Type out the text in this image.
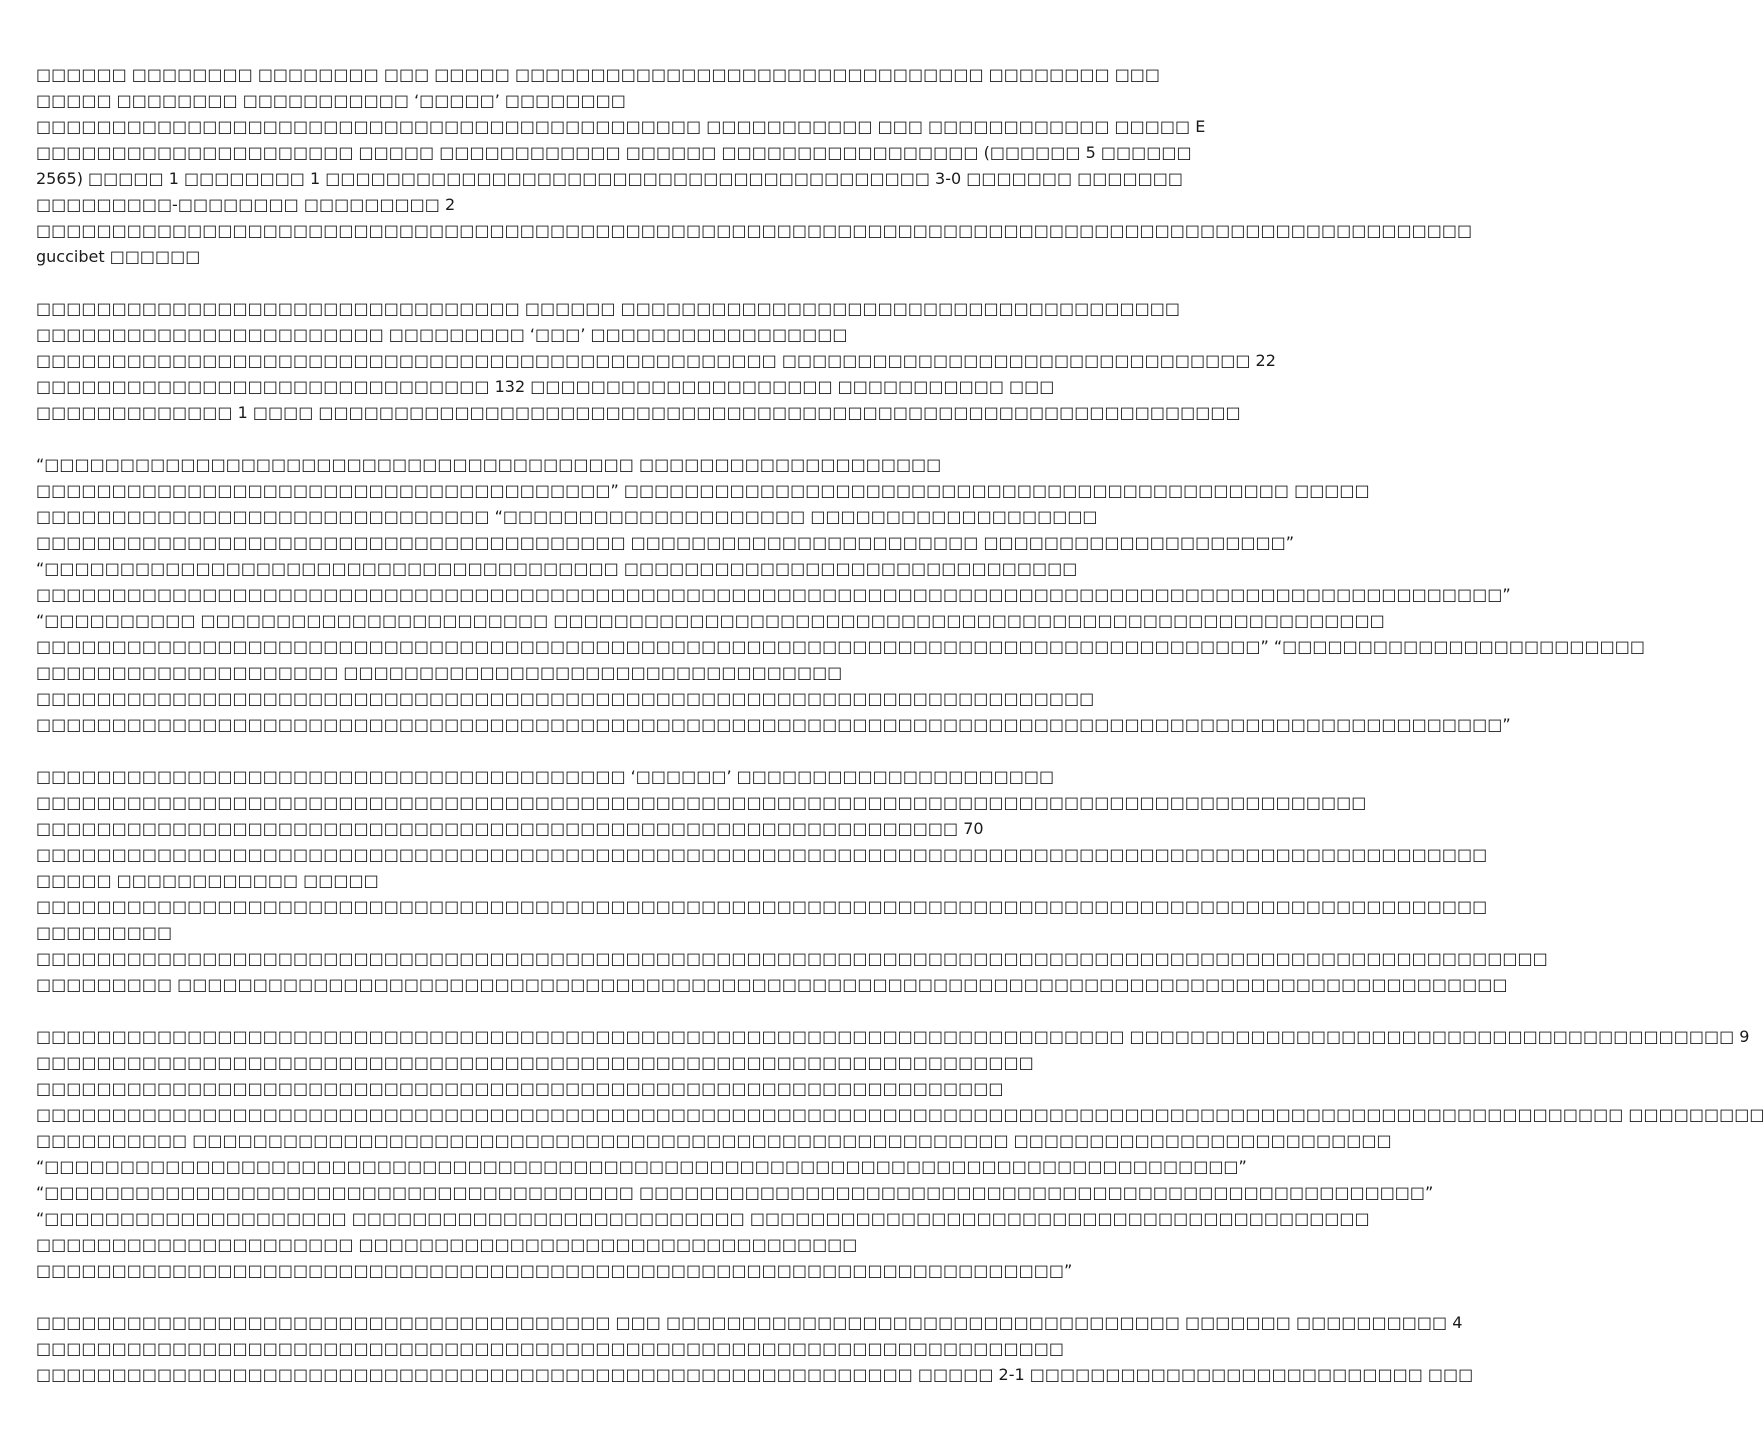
□□□□□□ □□□□□□□□ □□□□□□□□ □□□ □□□□□ □□□□□□□□□□□□□□□□□□□□□□□□□□□□□□□ □□□□□□□□ □□□
□□□□□ □□□□□□□□ □□□□□□□□□□□ ‘□□□□□’ □□□□□□□□
□□□□□□□□□□□□□□□□□□□□□□□□□□□□□□□□□□□□□□□□□□□□ □□□□□□□□□□□ □□□ □□□□□□□□□□□□ □□□□□ E
□□□□□□□□□□□□□□□□□□□□□ □□□□□ □□□□□□□□□□□□ □□□□□□ □□□□□□□□□□□□□□□□□ (□□□□□□ 5 □□□□□□
2565) □□□□□ 1 □□□□□□□□ 1 □□□□□□□□□□□□□□□□□□□□□□□□□□□□□□□□□□□□□□□□ 3-0 □□□□□□□ □□□□□□□
□□□□□□□□□-□□□□□□□□ □□□□□□□□□ 2
□□□□□□□□□□□□□□□□□□□□□□□□□□□□□□□□□□□□□□□□□□□□□□□□□□□□□□□□□□□□□□□□□□□□□□□□□□□□□□□□□□□□□□□□□□□□□□□
guccibet □□□□□□
□□□□□□□□□□□□□□□□□□□□□□□□□□□□□□□□ □□□□□□ □□□□□□□□□□□□□□□□□□□□□□□□□□□□□□□□□□□□□
□□□□□□□□□□□□□□□□□□□□□□□ □□□□□□□□□ ‘□□□’ □□□□□□□□□□□□□□□□□
□□□□□□□□□□□□□□□□□□□□□□□□□□□□□□□□□□□□□□□□□□□□□□□□□ □□□□□□□□□□□□□□□□□□□□□□□□□□□□□□□ 22
□□□□□□□□□□□□□□□□□□□□□□□□□□□□□□ 132 □□□□□□□□□□□□□□□□□□□□ □□□□□□□□□□□ □□□
□□□□□□□□□□□□□ 1 □□□□ □□□□□□□□□□□□□□□□□□□□□□□□□□□□□□□□□□□□□□□□□□□□□□□□□□□□□□□□□□□□□
“□□□□□□□□□□□□□□□□□□□□□□□□□□□□□□□□□□□□□□□ □□□□□□□□□□□□□□□□□□□□
□□□□□□□□□□□□□□□□□□□□□□□□□□□□□□□□□□□□□□” □□□□□□□□□□□□□□□□□□□□□□□□□□□□□□□□□□□□□□□□□□□□ □□□□□
□□□□□□□□□□□□□□□□□□□□□□□□□□□□□□ “□□□□□□□□□□□□□□□□□□□□ □□□□□□□□□□□□□□□□□□□
□□□□□□□□□□□□□□□□□□□□□□□□□□□□□□□□□□□□□□□ □□□□□□□□□□□□□□□□□□□□□□□ □□□□□□□□□□□□□□□□□□□□”
“□□□□□□□□□□□□□□□□□□□□□□□□□□□□□□□□□□□□□□ □□□□□□□□□□□□□□□□□□□□□□□□□□□□□□
□□□□□□□□□□□□□□□□□□□□□□□□□□□□□□□□□□□□□□□□□□□□□□□□□□□□□□□□□□□□□□□□□□□□□□□□□□□□□□□□□□□□□□□□□□□□□□□□□”
“□□□□□□□□□□ □□□□□□□□□□□□□□□□□□□□□□□ □□□□□□□□□□□□□□□□□□□□□□□□□□□□□□□□□□□□□□□□□□□□□□□□□□□□□□□
□□□□□□□□□□□□□□□□□□□□□□□□□□□□□□□□□□□□□□□□□□□□□□□□□□□□□□□□□□□□□□□□□□□□□□□□□□□□□□□□□” “□□□□□□□□□□□□□□□□□□□□□□□□
□□□□□□□□□□□□□□□□□□□□ □□□□□□□□□□□□□□□□□□□□□□□□□□□□□□□□□
□□□□□□□□□□□□□□□□□□□□□□□□□□□□□□□□□□□□□□□□□□□□□□□□□□□□□□□□□□□□□□□□□□□□□□
□□□□□□□□□□□□□□□□□□□□□□□□□□□□□□□□□□□□□□□□□□□□□□□□□□□□□□□□□□□□□□□□□□□□□□□□□□□□□□□□□□□□□□□□□□□□□□□□□”
□□□□□□□□□□□□□□□□□□□□□□□□□□□□□□□□□□□□□□□ ‘□□□□□□’ □□□□□□□□□□□□□□□□□□□□□
□□□□□□□□□□□□□□□□□□□□□□□□□□□□□□□□□□□□□□□□□□□□□□□□□□□□□□□□□□□□□□□□□□□□□□□□□□□□□□□□□□□□□□□□
□□□□□□□□□□□□□□□□□□□□□□□□□□□□□□□□□□□□□□□□□□□□□□□□□□□□□□□□□□□□□ 70
□□□□□□□□□□□□□□□□□□□□□□□□□□□□□□□□□□□□□□□□□□□□□□□□□□□□□□□□□□□□□□□□□□□□□□□□□□□□□□□□□□□□□□□□□□□□□□□□
□□□□□ □□□□□□□□□□□□ □□□□□
□□□□□□□□□□□□□□□□□□□□□□□□□□□□□□□□□□□□□□□□□□□□□□□□□□□□□□□□□□□□□□□□□□□□□□□□□□□□□□□□□□□□□□□□□□□□□□□□
□□□□□□□□□
□□□□□□□□□□□□□□□□□□□□□□□□□□□□□□□□□□□□□□□□□□□□□□□□□□□□□□□□□□□□□□□□□□□□□□□□□□□□□□□□□□□□□□□□□□□□□□□□□□□□
□□□□□□□□□ □□□□□□□□□□□□□□□□□□□□□□□□□□□□□□□□□□□□□□□□□□□□□□□□□□□□□□□□□□□□□□□□□□□□□□□□□□□□□□□□□□□□□□□□
□□□□□□□□□□□□□□□□□□□□□□□□□□□□□□□□□□□□□□□□□□□□□□□□□□□□□□□□□□□□□□□□□□□□□□□□ □□□□□□□□□□□□□□□□□□□□□□□□□□□□□□□□□□□□□□□□ 9
□□□□□□□□□□□□□□□□□□□□□□□□□□□□□□□□□□□□□□□□□□□□□□□□□□□□□□□□□□□□□□□□□□
□□□□□□□□□□□□□□□□□□□□□□□□□□□□□□□□□□□□□□□□□□□□□□□□□□□□□□□□□□□□□□□□
□□□□□□□□□□□□□□□□□□□□□□□□□□□□□□□□□□□□□□□□□□□□□□□□□□□□□□□□□□□□□□□□□□□□□□□□□□□□□□□□□□□□□□□□□□□□□□□□□□□□□□□□□ □□□□□□□□□
□□□□□□□□□□ □□□□□□□□□□□□□□□□□□□□□□□□□□□□□□□□□□□□□□□□□□□□□□□□□□□□□□ □□□□□□□□□□□□□□□□□□□□□□□□□
“□□□□□□□□□□□□□□□□□□□□□□□□□□□□□□□□□□□□□□□□□□□□□□□□□□□□□□□□□□□□□□□□□□□□□□□□□□□□□□□”
“□□□□□□□□□□□□□□□□□□□□□□□□□□□□□□□□□□□□□□□ □□□□□□□□□□□□□□□□□□□□□□□□□□□□□□□□□□□□□□□□□□□□□□□□□□□□”
“□□□□□□□□□□□□□□□□□□□□ □□□□□□□□□□□□□□□□□□□□□□□□□□ □□□□□□□□□□□□□□□□□□□□□□□□□□□□□□□□□□□□□□□□□
□□□□□□□□□□□□□□□□□□□□□ □□□□□□□□□□□□□□□□□□□□□□□□□□□□□□□□□
□□□□□□□□□□□□□□□□□□□□□□□□□□□□□□□□□□□□□□□□□□□□□□□□□□□□□□□□□□□□□□□□□□□□”
□□□□□□□□□□□□□□□□□□□□□□□□□□□□□□□□□□□□□□ □□□ □□□□□□□□□□□□□□□□□□□□□□□□□□□□□□□□□□ □□□□□□□ □□□□□□□□□□ 4
□□□□□□□□□□□□□□□□□□□□□□□□□□□□□□□□□□□□□□□□□□□□□□□□□□□□□□□□□□□□□□□□□□□□
□□□□□□□□□□□□□□□□□□□□□□□□□□□□□□□□□□□□□□□□□□□□□□□□□□□□□□□□□□ □□□□□ 2-1 □□□□□□□□□□□□□□□□□□□□□□□□□□ □□□
